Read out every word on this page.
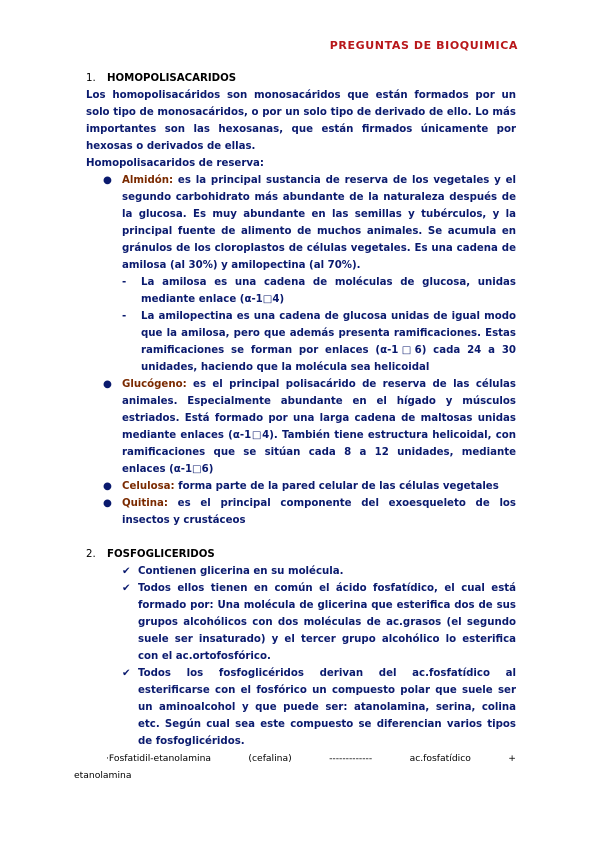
PREGUNTAS DE BIOQUIMICA
1.	HOMOPOLISACARIDOS

Los homopolisacáridos son monosacáridos que están formados por un solo tipo de monosacáridos, o por un solo tipo de derivado de ello. Lo más importantes son las hexosanas, que están firmados únicamente por hexosas o derivados de ellas.

Homopolisacaridos de reserva:
● Almidón: es la principal sustancia de reserva de los vegetales y el segundo carbohidrato más abundante de la naturaleza después de la glucosa. Es muy abundante en las semillas y tubérculos, y la principal fuente de alimento de muchos animales. Se acumula en gránulos de los cloroplastos de células vegetales. Es una cadena de amilosa (al 30%) y amilopectina (al 70%).
- La amilosa es una cadena de moléculas de glucosa, unidas mediante enlace (α-1□4)
- La amilopectina es una cadena de glucosa unidas de igual modo que la amilosa, pero que además presenta ramificaciones. Estas ramificaciones se forman por enlaces (α-1□6) cada 24 a 30 unidades, haciendo que la molécula sea helicoidal
● Glucógeno: es el principal polisacárido de reserva de las células animales. Especialmente abundante en el hígado y músculos estriados. Está formado por una larga cadena de maltosas unidas mediante enlaces (α-1□4). También tiene estructura helicoidal, con ramificaciones que se sitúan cada 8 a 12 unidades, mediante enlaces (α-1□6)
● Celulosa: forma parte de la pared celular de las células vegetales
● Quitina: es el principal componente del exoesqueleto de los insectos y crustáceos
2.	FOSFOGLICERIDOS
✔ Contienen glicerina en su molécula.
✔ Todos ellos tienen en común el ácido fosfatídico, el cual está formado por: Una molécula de glicerina que esterifica dos de sus grupos alcohólicos con dos moléculas de ac.grasos (el segundo suele ser insaturado) y el tercer grupo alcohólico lo esterifica con el ac.ortofosfórico.
✔ Todos los fosfoglicéridos derivan del ac.fosfatídico al esterificarse con el fosfórico un compuesto polar que suele ser un aminoalcohol y que puede ser: atanolamina, serina, colina etc. Según cual sea este compuesto se diferencian varios tipos de fosfoglicéridos.
·Fosfatidil-etanolamina	(cefalina)	-------------	ac.fosfatídico	+
etanolamina
